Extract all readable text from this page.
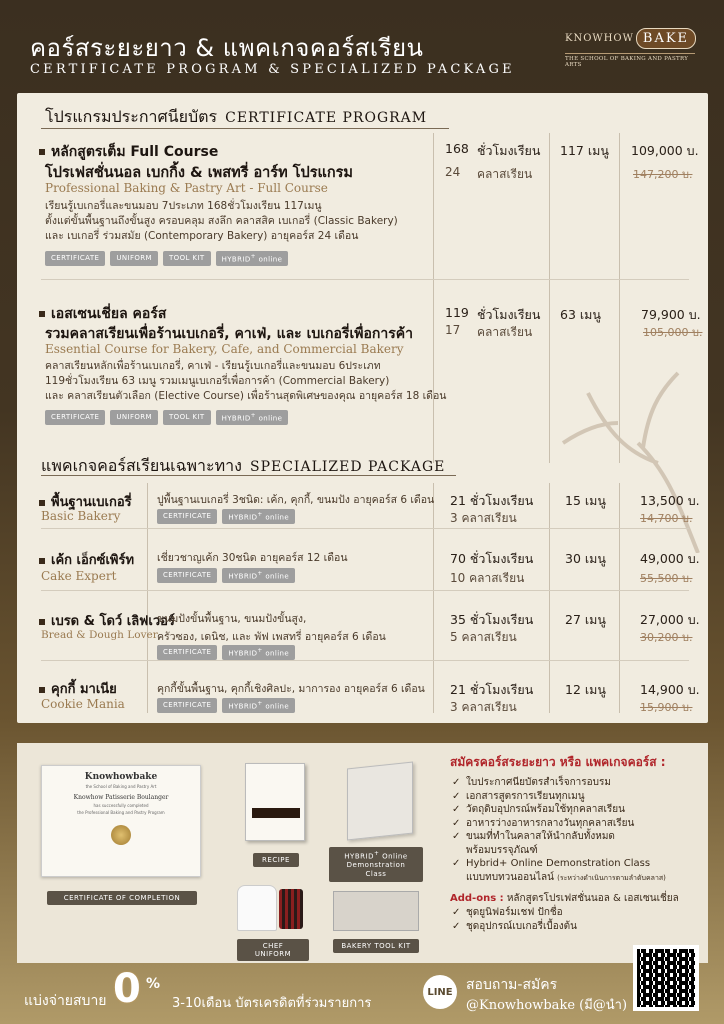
คอร์สระยะยาว & แพคเกจคอร์สเรียน
CERTIFICATE PROGRAM & SPECIALIZED PACKAGE
KNOWHOW BAKE
THE SCHOOL OF BAKING AND PASTRY ARTS
โปรแกรมประกาศนียบัตร CERTIFICATE PROGRAM
หลักสูตรเต็ม Full Course
โปรเฟสชั่นนอล เบกกิ้ง & เพสทรี่ อาร์ท โปรแกรม
Professional Baking & Pastry Art - Full Course
เรียนรู้เบเกอรี่และขนมอบ 7ประเภท 168ชั่วโมงเรียน 117เมนู
ตั้งแต่ขั้นพื้นฐานถึงขั้นสูง ครอบคลุม สงลึก คลาสสิค เบเกอรี่ (Classic Bakery)
และ เบเกอรี่ ร่วมสมัย (Contemporary Bakery) อายุคอร์ส 24 เดือน
CERTIFICATE	UNIFORM	TOOL KIT	HYBRID+ online
168 ชั่วโมงเรียน
24 คลาสเรียน
117 เมนู 109,000 บ.
147,200 บ.
เอสเซนเชี่ยล คอร์ส
รวมคลาสเรียนเพื่อร้านเบเกอรี่, คาเฟ่, และ เบเกอรี่เพื่อการค้า
Essential Course for Bakery, Cafe, and Commercial Bakery
คลาสเรียนหลักเพื่อร้านเบเกอรี่, คาเฟ่ - เรียนรู้เบเกอรี่และขนมอบ 6ประเภท
119ชั่วโมงเรียน 63 เมนู รวมเมนูเบเกอรี่เพื่อการค้า (Commercial Bakery)
และ คลาสเรียนตัวเลือก (Elective Course) เพื่อร้านสุดพิเศษของคุณ อายุคอร์ส 18 เดือน
CERTIFICATE	UNIFORM	TOOL KIT	HYBRID+ online
119 ชั่วโมงเรียน
17 คลาสเรียน
63 เมนู	79,900 บ.
105,000 บ.
แพคเกจคอร์สเรียนเฉพาะทาง SPECIALIZED PACKAGE
พื้นฐานเบเกอรี่
Basic Bakery
ปูพื้นฐานเบเกอรี่ 3ชนิด: เค้ก, คุกกี้, ขนมปัง อายุคอร์ส 6 เดือน
CERTIFICATE	HYBRID+ online
21 ชั่วโมงเรียน
3 คลาสเรียน
15 เมนู	13,500 บ.
14,700 บ.
เค้ก เอ็กซ์เพิร์ท
Cake Expert
เชี่ยวชาญเค้ก 30ชนิด อายุคอร์ส 12 เดือน
CERTIFICATE	HYBRID+ online
70 ชั่วโมงเรียน
10 คลาสเรียน
30 เมนู	49,000 บ.
55,500 บ.
เบรด & โดว์ เลิฟเวอร์
Bread & Dough Lover
ขนมปังขั้นพื้นฐาน, ขนมปังขั้นสูง,
ครัวซอง, เดนิช, และ พัฟ เพสทรี่ อายุคอร์ส 6 เดือน
CERTIFICATE	HYBRID+ online
35 ชั่วโมงเรียน
5 คลาสเรียน
27 เมนู	27,000 บ.
30,200 บ.
คุกกี้ มาเนีย
Cookie Mania
คุกกี้ขั้นพื้นฐาน, คุกกี้เชิงศิลปะ, มาการอง อายุคอร์ส 6 เดือน
CERTIFICATE	HYBRID+ online
21 ชั่วโมงเรียน
3 คลาสเรียน
12 เมนู	14,900 บ.
15,900 บ.
Knowhowbake
the School of Baking and Pastry Art
Knowhow Patisserie Boulanger
has successfully completed
the Professional Baking and Pastry Program
CERTIFICATE OF COMPLETION
RECIPE	HYBRID+ Online
Demonstration Class
CHEF UNIFORM
BAKERY TOOL KIT
สมัครคอร์สระยะยาว หรือ แพคเกจคอร์ส :
✓ ใบประกาศนียบัตรสำเร็จการอบรม
✓ เอกสารสูตรการเรียนทุกเมนู
✓ วัตถุดิบอุปกรณ์พร้อมใช้ทุกคลาสเรียน
✓ อาหารว่างอาหารกลางวันทุกคลาสเรียน
✓ ขนมที่ทำในคลาสให้นำกลับทั้งหมด
พร้อมบรรจุภัณฑ์
✓ Hybrid+ Online Demonstration Class
แบบทบทวนออนไลน์ (ระหว่างดำเนินการตามลำดับคลาส)
Add-ons : หลักสูตรโปรเฟสชั่นนอล & เอสเซนเชี่ยล
✓ ชุดยูนิฟอร์มเชฟ ปักชื่อ
✓ ชุดอุปกรณ์เบเกอรี่เบื้องต้น
แบ่งจ่ายสบาย 0 %
3-10เดือน บัตรเครดิตที่ร่วมรายการ
LINE สอบถาม-สมัคร
@Knowhowbake (มี@นำ)
